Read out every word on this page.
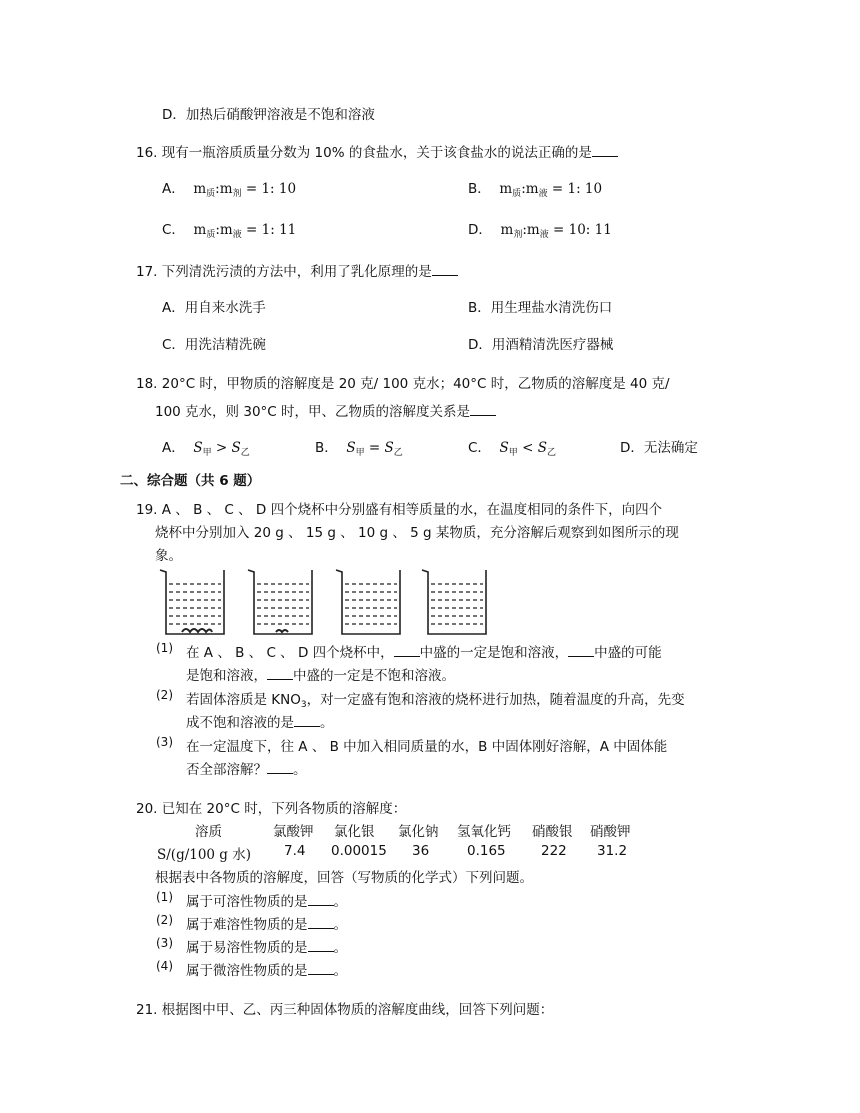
D．加热后硝酸钾溶液是不饱和溶液
16. 现有一瓶溶质质量分数为 10% 的食盐水，关于该食盐水的说法正确的是
A． $m_质:m_剂 = 1$: 10	B． $m_质:m_液 = 1$: 10
C． $m_质:m_液 = 1$: 11	D． $m_剂:m_液 = 10$: 11
17. 下列清洗污渍的方法中，利用了乳化原理的是
A．用自来水洗手	B．用生理盐水清洗伤口
C．用洗洁精洗碗	D．用酒精清洗医疗器械
18. 20°C 时，甲物质的溶解度是 20 克/ 100 克水；40°C 时，乙物质的溶解度是 40 克/
100 克水，则 30°C 时，甲、乙物质的溶解度关系是
A． $S_甲 > S_乙$	B． $S_甲 = S_乙$	C． $S_甲 < S_乙$	D．无法确定
二、综合题（共 6 题）
19. A 、 B 、 C 、 D 四个烧杯中分别盛有相等质量的水，在温度相同的条件下，向四个
烧杯中分别加入 20 g 、 15 g 、 10 g 、 5 g 某物质，充分溶解后观察到如图所示的现
象。
(1) 在 A 、 B 、 C 、 D 四个烧杯中， 中盛的一定是饱和溶液， 中盛的可能
是饱和溶液， 中盛的一定是不饱和溶液。
(2) 若固体溶质是 $KNO_3$，对一定盛有饱和溶液的烧杯进行加热，随着温度的升高，先变
成不饱和溶液的是 。
(3) 在一定温度下，往 A 、 B 中加入相同质量的水，B 中固体刚好溶解，A 中固体能
否全部溶解？ 。
20. 已知在 20°C 时，下列各物质的溶解度：
溶质	氯酸钾 氯化银 氯化钠 氢氧化钙 硝酸银 硝酸钾
S/(g/100 g 水) 7.4 0.00015 36	0.165	222 31.2
根据表中各物质的溶解度，回答（写物质的化学式）下列问题。
(1) 属于可溶性物质的是 。
(2) 属于难溶性物质的是 。
(3) 属于易溶性物质的是 。
(4) 属于微溶性物质的是 。
21. 根据图中甲、乙、丙三种固体物质的溶解度曲线，回答下列问题：
